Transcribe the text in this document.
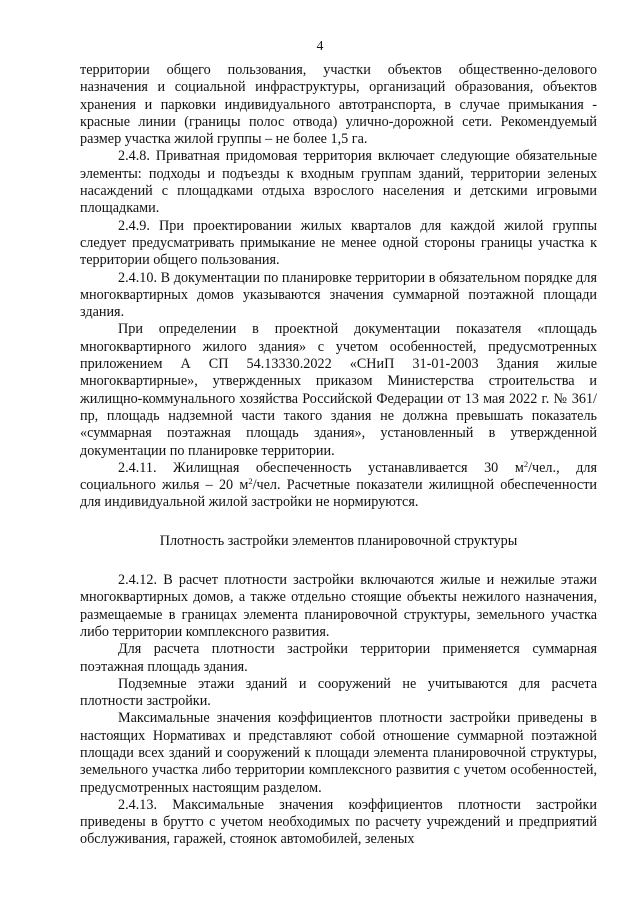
4

территории общего пользования, участки объектов общественно-делового назначения и социальной инфраструктуры, организаций образования, объектов хранения и парковки индивидуального автотранспорта, в случае примыкания - красные линии (границы полос отвода) улично-дорожной сети. Рекомендуемый размер участка жилой группы – не более 1,5 га.

2.4.8. Приватная придомовая территория включает следующие обязательные элементы: подходы и подъезды к входным группам зданий, территории зеленых насаждений с площадками отдыха взрослого населения и детскими игровыми площадками.

2.4.9. При проектировании жилых кварталов для каждой жилой группы следует предусматривать примыкание не менее одной стороны границы участка к территории общего пользования.

2.4.10. В документации по планировке территории в обязательном порядке для многоквартирных домов указываются значения суммарной поэтажной площади здания.

При определении в проектной документации показателя «площадь многоквартирного жилого здания» с учетом особенностей, предусмотренных приложением А СП 54.13330.2022 «СНиП 31-01-2003 Здания жилые многоквартирные», утвержденных приказом Министерства строительства и жилищно-коммунального хозяйства Российской Федерации от 13 мая 2022 г. № 361/пр, площадь надземной части такого здания не должна превышать показатель «суммарная поэтажная площадь здания», установленный в утвержденной документации по планировке территории.

2.4.11. Жилищная обеспеченность устанавливается 30 $м^2$/чел., для социального жилья – 20 $м^2$/чел. Расчетные показатели жилищной обеспеченности для индивидуальной жилой застройки не нормируются.

Плотность застройки элементов планировочной структуры

2.4.12. В расчет плотности застройки включаются жилые и нежилые этажи многоквартирных домов, а также отдельно стоящие объекты нежилого назначения, размещаемые в границах элемента планировочной структуры, земельного участка либо территории комплексного развития.

Для расчета плотности застройки территории применяется суммарная поэтажная площадь здания.

Подземные этажи зданий и сооружений не учитываются для расчета плотности застройки.

Максимальные значения коэффициентов плотности застройки приведены в настоящих Нормативах и представляют собой отношение суммарной поэтажной площади всех зданий и сооружений к площади элемента планировочной структуры, земельного участка либо территории комплексного развития с учетом особенностей, предусмотренных настоящим разделом.

2.4.13. Максимальные значения коэффициентов плотности застройки приведены в брутто с учетом необходимых по расчету учреждений и предприятий обслуживания, гаражей, стоянок автомобилей, зеленых
